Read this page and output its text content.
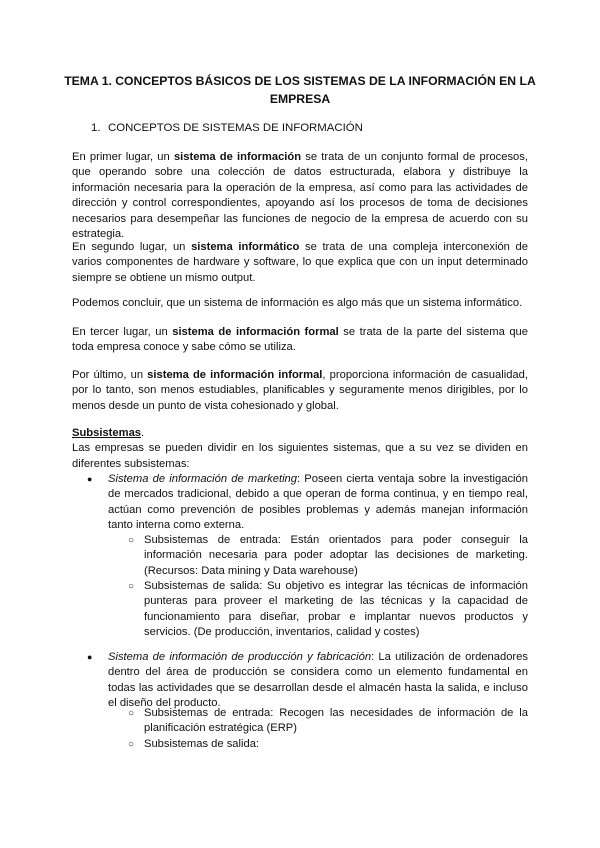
TEMA 1. CONCEPTOS BÁSICOS DE LOS SISTEMAS DE LA INFORMACIÓN EN LA EMPRESA
1. CONCEPTOS DE SISTEMAS DE INFORMACIÓN
En primer lugar, un sistema de información se trata de un conjunto formal de procesos, que operando sobre una colección de datos estructurada, elabora y distribuye la información necesaria para la operación de la empresa, así como para las actividades de dirección y control correspondientes, apoyando así los procesos de toma de decisiones necesarios para desempeñar las funciones de negocio de la empresa de acuerdo con su estrategia.
En segundo lugar, un sistema informático se trata de una compleja interconexión de varios componentes de hardware y software, lo que explica que con un input determinado siempre se obtiene un mismo output.
Podemos concluir, que un sistema de información es algo más que un sistema informático.
En tercer lugar, un sistema de información formal se trata de la parte del sistema que toda empresa conoce y sabe cómo se utiliza.
Por último, un sistema de información informal, proporciona información de casualidad, por lo tanto, son menos estudiables, planificables y seguramente menos dirigibles, por lo menos desde un punto de vista cohesionado y global.
Subsistemas.
Las empresas se pueden dividir en los siguientes sistemas, que a su vez se dividen en diferentes subsistemas:
●	Sistema de información de marketing: Poseen cierta ventaja sobre la investigación de mercados tradicional, debido a que operan de forma continua, y en tiempo real, actúan como prevención de posibles problemas y además manejan información tanto interna como externa.
○ Subsistemas de entrada: Están orientados para poder conseguir la información necesaria para poder adoptar las decisiones de marketing. (Recursos: Data mining y Data warehouse)
○ Subsistemas de salida: Su objetivo es integrar las técnicas de información punteras para proveer el marketing de las técnicas y la capacidad de funcionamiento para diseñar, probar e implantar nuevos productos y servicios. (De producción, inventarios, calidad y costes)
●	Sistema de información de producción y fabricación: La utilización de ordenadores dentro del área de producción se considera como un elemento fundamental en todas las actividades que se desarrollan desde el almacén hasta la salida, e incluso el diseño del producto.
○ Subsistemas de entrada: Recogen las necesidades de información de la planificación estratégica (ERP)
○ Subsistemas de salida:
